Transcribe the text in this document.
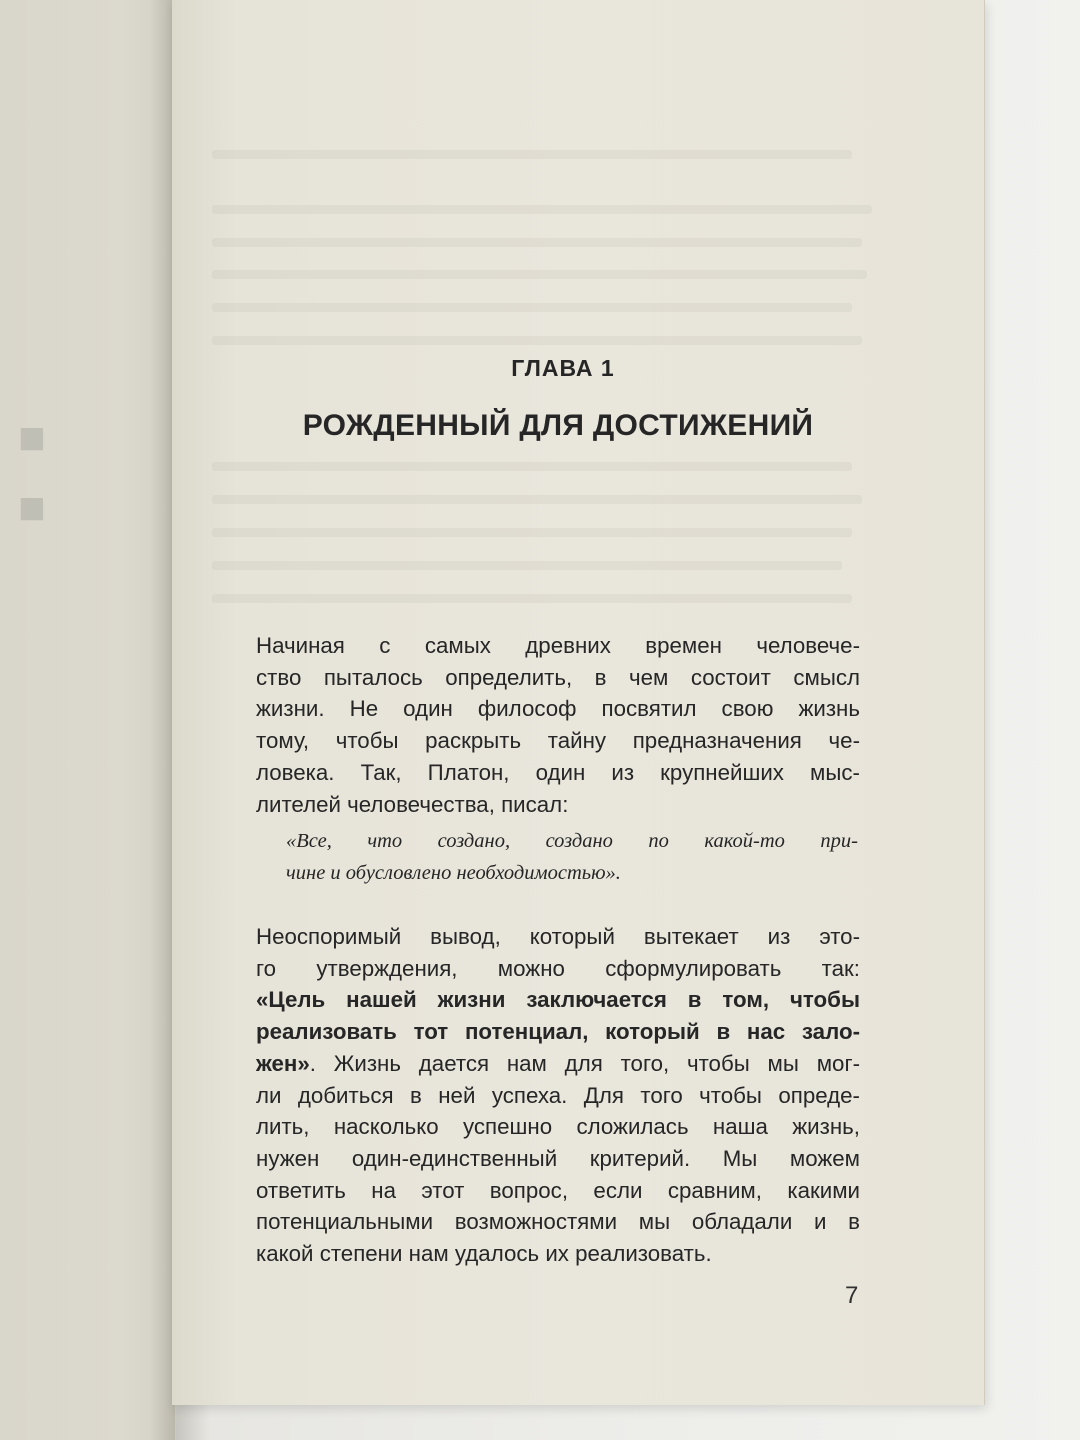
■
■
ГЛАВА 1
РОЖДЕННЫЙ ДЛЯ ДОСТИЖЕНИЙ
Начиная с самых древних времен человече-
ство пыталось определить, в чем состоит смысл
жизни. Не один философ посвятил свою жизнь
тому, чтобы раскрыть тайну предназначения че-
ловека. Так, Платон, один из крупнейших мыс-
лителей человечества, писал:
«Все, что создано, создано по какой-то при-
чине и обусловлено необходимостью».
Неоспоримый вывод, который вытекает из это-
го утверждения, можно сформулировать так:
«Цель нашей жизни заключается в том, чтобы
реализовать тот потенциал, который в нас зало-
жен». Жизнь дается нам для того, чтобы мы мог-
ли добиться в ней успеха. Для того чтобы опреде-
лить, насколько успешно сложилась наша жизнь,
нужен один-единственный критерий. Мы можем
ответить на этот вопрос, если сравним, какими
потенциальными возможностями мы обладали и в
какой степени нам удалось их реализовать.
7
